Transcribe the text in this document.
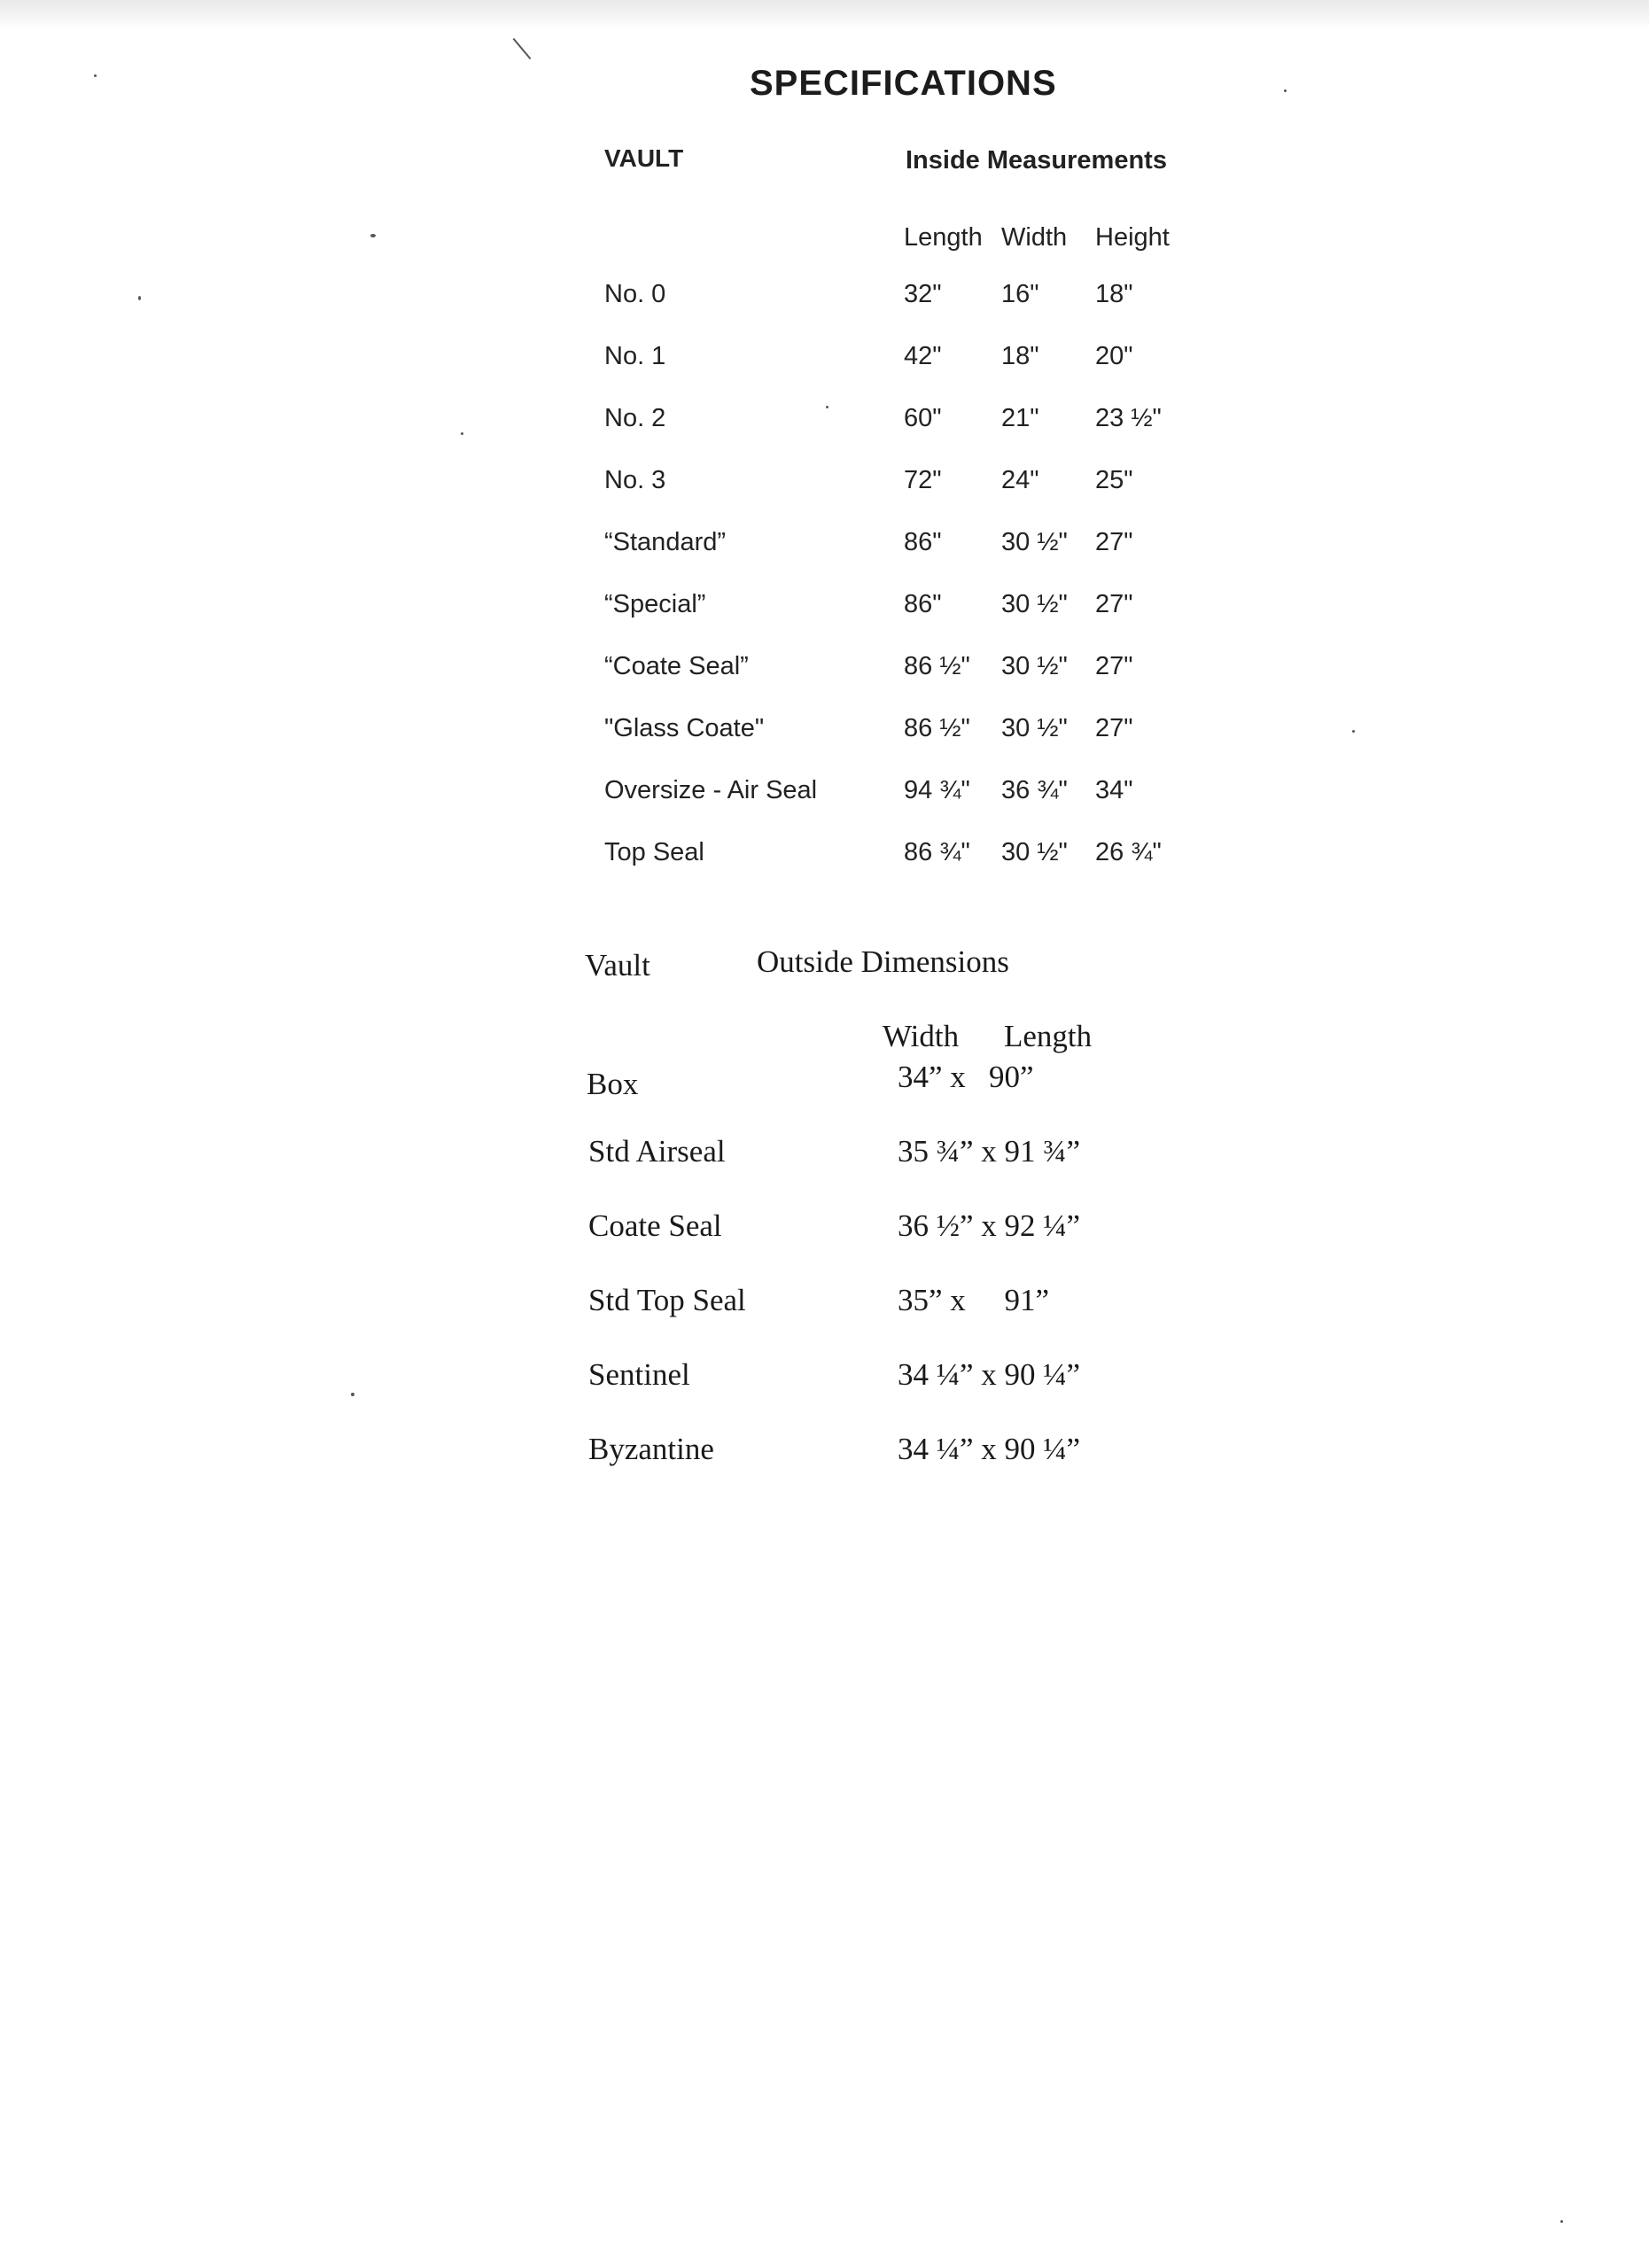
SPECIFICATIONS
VAULT	Inside Measurements
Length Width Height
No. 0	32" 16" 18"
No. 1	42" 18" 20"
No. 2	60" 21" 23 ½"
No. 3	72" 24" 25"
“Standard”	86" 30 ½" 27"
“Special”	86" 30 ½" 27"
“Coate Seal”	86 ½" 30 ½" 27"
"Glass Coate"	86 ½" 30 ½" 27"
Oversize - Air Seal	94 ¾" 36 ¾" 34"
Top Seal	86 ¾" 30 ½" 26 ¾"
Vault	Outside Dimensions
Width Length
Box	34” x   90”
Std Airseal	35 ¾” x 91 ¾”
Coate Seal	36 ½” x 92 ¼”
Std Top Seal	35” x     91”
Sentinel	34 ¼” x 90 ¼”
Byzantine	34 ¼” x 90 ¼”
